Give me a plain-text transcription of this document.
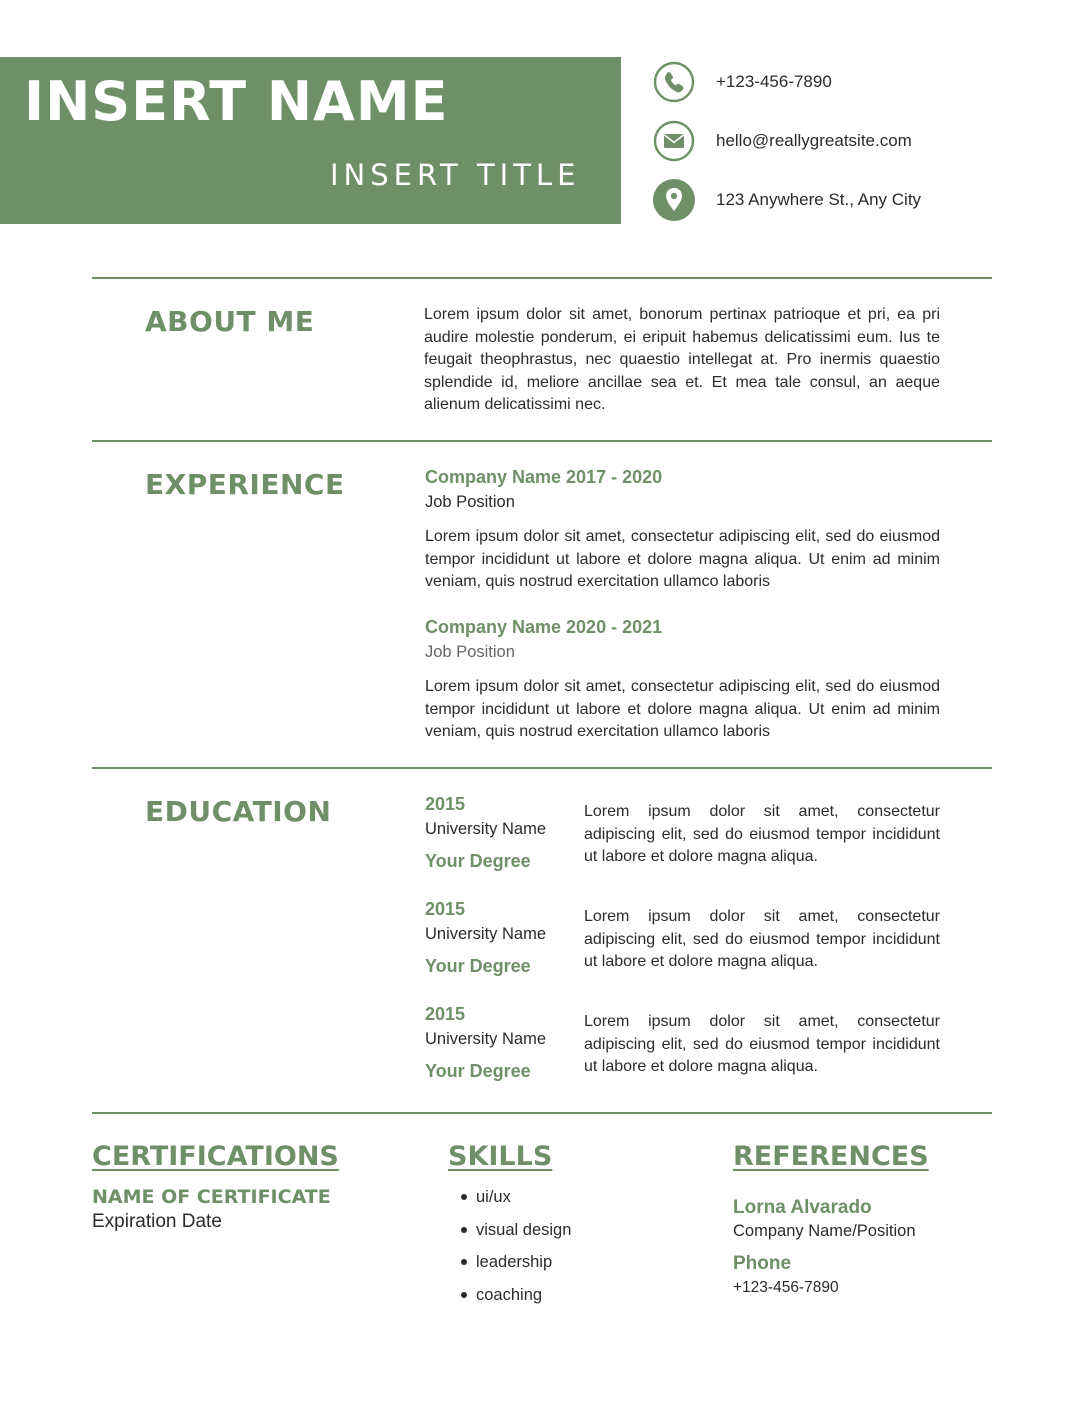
INSERT NAME
INSERT TITLE
+123-456-7890
hello@reallygreatsite.com
123 Anywhere St., Any City
ABOUT ME	Lorem ipsum dolor sit amet, bonorum pertinax patrioque et pri, ea pri audire molestie ponderum, ei eripuit habemus delicatissimi eum. Ius te feugait theophrastus, nec quaestio intellegat at. Pro inermis quaestio splendide id, meliore ancillae sea et. Et mea tale consul, an aeque alienum delicatissimi nec.

EXPERIENCE	Company Name 2017 - 2020

Job Position

Lorem ipsum dolor sit amet, consectetur adipiscing elit, sed do eiusmod tempor incididunt ut labore et dolore magna aliqua. Ut enim ad minim veniam, quis nostrud exercitation ullamco laboris

Company Name 2020 - 2021

Job Position

Lorem ipsum dolor sit amet, consectetur adipiscing elit, sed do eiusmod tempor incididunt ut labore et dolore magna aliqua. Ut enim ad minim veniam, quis nostrud exercitation ullamco laboris

EDUCATION	2015

University Name

Your Degree

Lorem ipsum dolor sit amet, consectetur adipiscing elit, sed do eiusmod tempor incididunt ut labore et dolore magna aliqua.

2015

University Name

Your Degree

Lorem ipsum dolor sit amet, consectetur adipiscing elit, sed do eiusmod tempor incididunt ut labore et dolore magna aliqua.

2015

University Name

Your Degree

Lorem ipsum dolor sit amet, consectetur adipiscing elit, sed do eiusmod tempor incididunt ut labore et dolore magna aliqua.

CERTIFICATIONS

NAME OF CERTIFICATE

Expiration Date

SKILLS
ui/ux
visual design
leadership
coaching
REFERENCES

Lorna Alvarado

Company Name/Position

Phone

+123-456-7890
